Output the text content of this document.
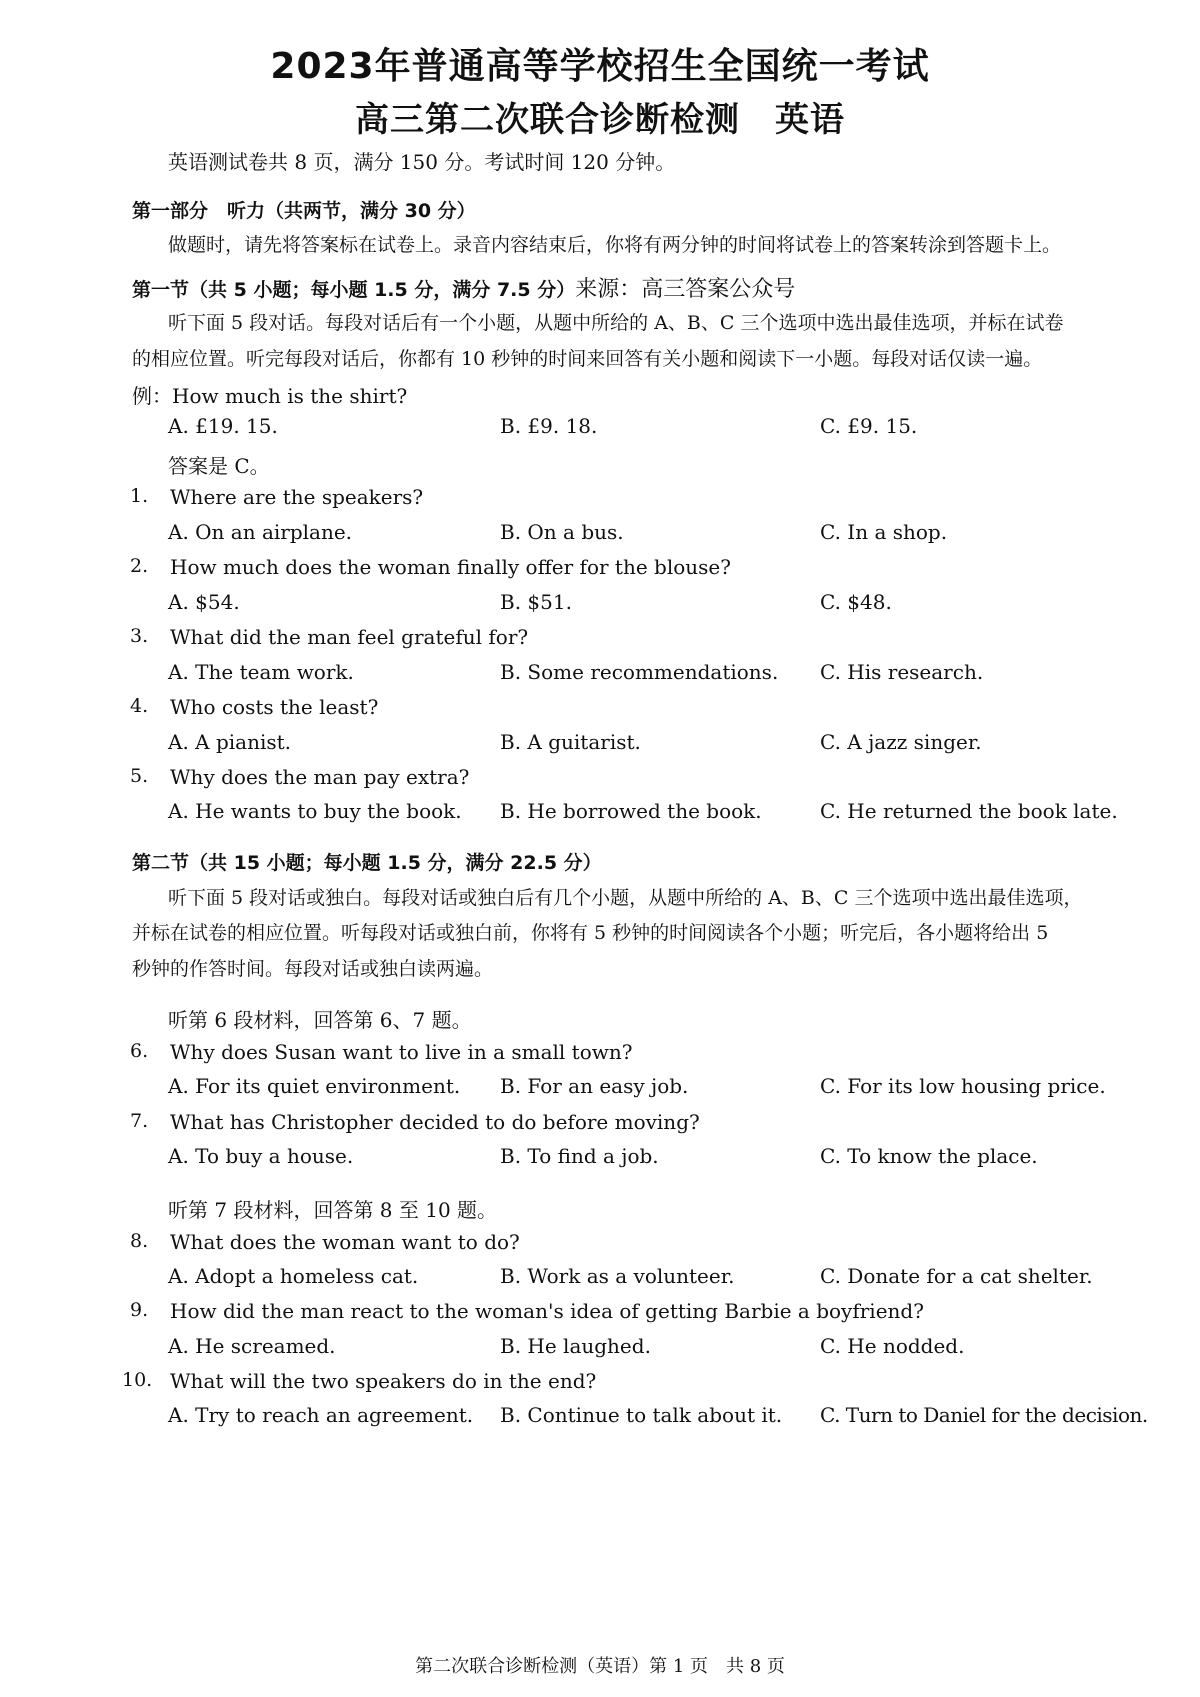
2023年普通高等学校招生全国统一考试
高三第二次联合诊断检测　英语
英语测试卷共 8 页，满分 150 分。考试时间 120 分钟。
第一部分　听力（共两节，满分 30 分）
做题时，请先将答案标在试卷上。录音内容结束后，你将有两分钟的时间将试卷上的答案转涂到答题卡上。
第一节（共 5 小题；每小题 1.5 分，满分 7.5 分）来源：高三答案公众号
听下面 5 段对话。每段对话后有一个小题，从题中所给的 A、B、C 三个选项中选出最佳选项，并标在试卷
的相应位置。听完每段对话后，你都有 10 秒钟的时间来回答有关小题和阅读下一小题。每段对话仅读一遍。
例：How much is the shirt?
A. £19. 15.	B. £9. 18.	C. £9. 15.
答案是 C。
1. Where are the speakers?
A. On an airplane.	B. On a bus.	C. In a shop.
2. How much does the woman finally offer for the blouse?
A. $54.	B. $51.	C. $48.
3. What did the man feel grateful for?
A. The team work.	B. Some recommendations. C. His research.
4. Who costs the least?
A. A pianist.	B. A guitarist.	C. A jazz singer.
5. Why does the man pay extra?
A. He wants to buy the book. B. He borrowed the book.	C. He returned the book late.
第二节（共 15 小题；每小题 1.5 分，满分 22.5 分）
听下面 5 段对话或独白。每段对话或独白后有几个小题，从题中所给的 A、B、C 三个选项中选出最佳选项，
并标在试卷的相应位置。听每段对话或独白前，你将有 5 秒钟的时间阅读各个小题；听完后，各小题将给出 5
秒钟的作答时间。每段对话或独白读两遍。
听第 6 段材料，回答第 6、7 题。
6. Why does Susan want to live in a small town?
A. For its quiet environment. B. For an easy job.	C. For its low housing price.
7. What has Christopher decided to do before moving?
A. To buy a house.	B. To find a job.	C. To know the place.
听第 7 段材料，回答第 8 至 10 题。
8. What does the woman want to do?
A. Adopt a homeless cat.	B. Work as a volunteer.	C. Donate for a cat shelter.
9. How did the man react to the woman's idea of getting Barbie a boyfriend?
A. He screamed.	B. He laughed.	C. He nodded.
10. What will the two speakers do in the end?
A. Try to reach an agreement. B. Continue to talk about it. C. Turn to Daniel for the decision.
第二次联合诊断检测（英语）第 1 页　共 8 页
